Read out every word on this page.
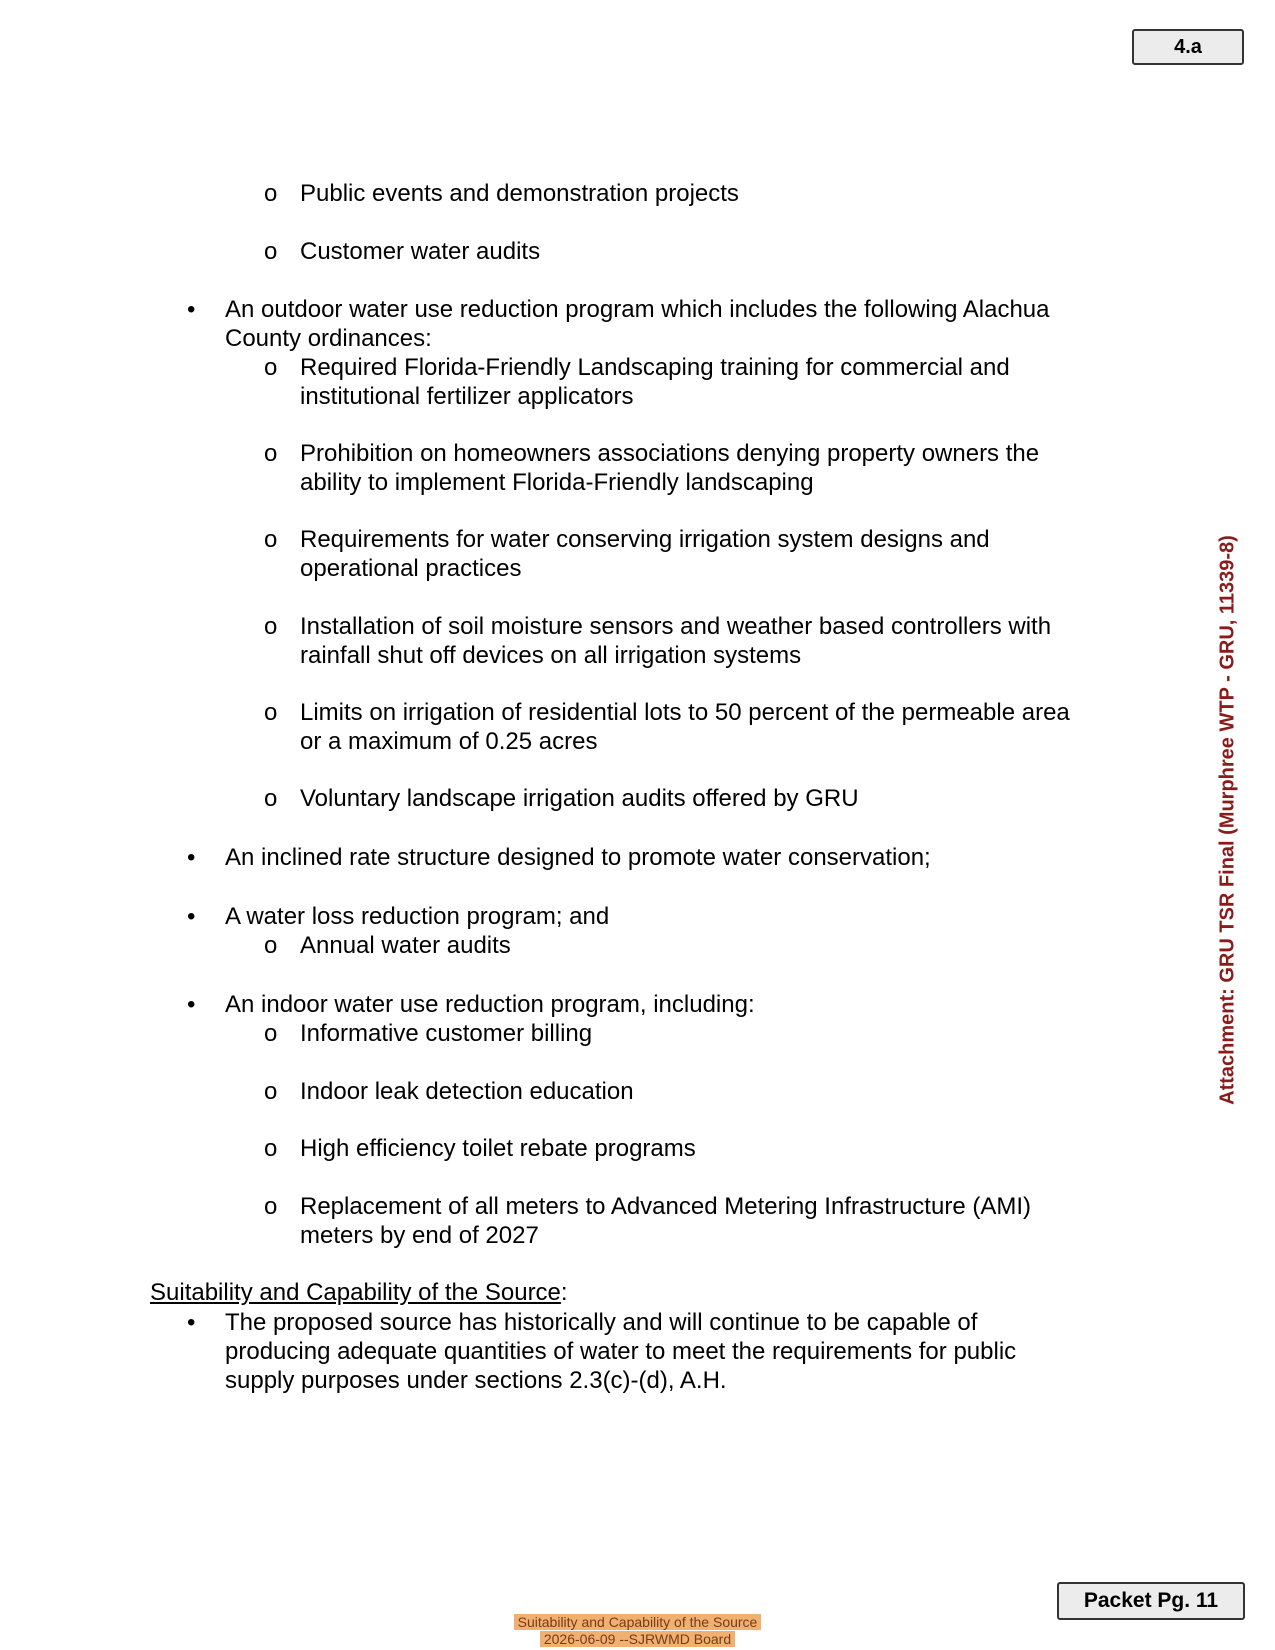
4.a
Attachment: GRU TSR Final (Murphree WTP - GRU, 11339-8)
o Public events and demonstration projects
o Customer water audits
• An outdoor water use reduction program which includes the following Alachua
County ordinances:
o Required Florida-Friendly Landscaping training for commercial and
institutional fertilizer applicators
o Prohibition on homeowners associations denying property owners the
ability to implement Florida-Friendly landscaping
o Requirements for water conserving irrigation system designs and
operational practices
o Installation of soil moisture sensors and weather based controllers with
rainfall shut off devices on all irrigation systems
o Limits on irrigation of residential lots to 50 percent of the permeable area
or a maximum of 0.25 acres
o Voluntary landscape irrigation audits offered by GRU
• An inclined rate structure designed to promote water conservation;
• A water loss reduction program; and
o Annual water audits
• An indoor water use reduction program, including:
o Informative customer billing
o Indoor leak detection education
o High efficiency toilet rebate programs
o Replacement of all meters to Advanced Metering Infrastructure (AMI)
meters by end of 2027
Suitability and Capability of the Source:
• The proposed source has historically and will continue to be capable of
producing adequate quantities of water to meet the requirements for public
supply purposes under sections 2.3(c)-(d), A.H.
Packet Pg. 11
Suitability and Capability of the Source
2026-06-09 --SJRWMD Board
